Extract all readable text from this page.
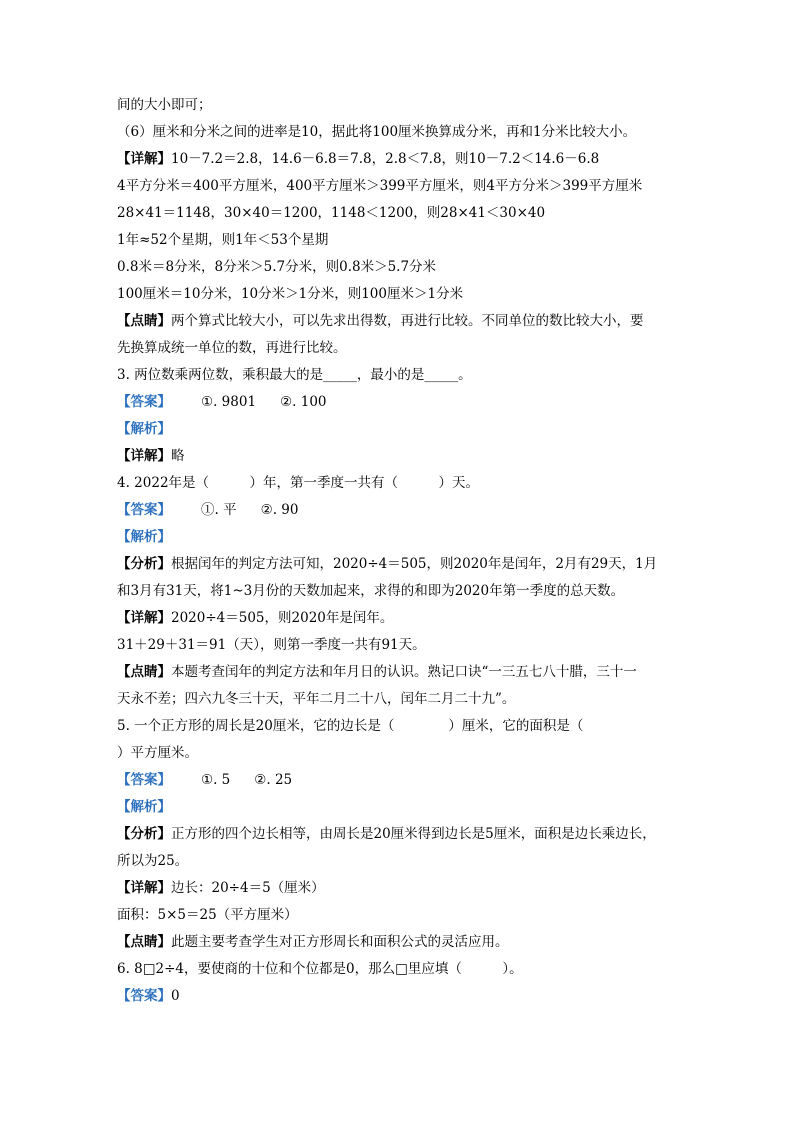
间的大小即可；
（6）厘米和分米之间的进率是10，据此将100厘米换算成分米，再和1分米比较大小。
【详解】10－7.2＝2.8，14.6－6.8＝7.8，2.8＜7.8，则10－7.2＜14.6－6.8
4平方分米＝400平方厘米，400平方厘米＞399平方厘米，则4平方分米＞399平方厘米
28×41＝1148，30×40＝1200，1148＜1200，则28×41＜30×40
1年≈52个星期，则1年＜53个星期
0.8米＝8分米，8分米＞5.7分米，则0.8米＞5.7分米
100厘米＝10分米，10分米＞1分米，则100厘米＞1分米
【点睛】两个算式比较大小，可以先求出得数，再进行比较。不同单位的数比较大小，要
先换算成统一单位的数，再进行比较。
3. 两位数乘两位数，乘积最大的是_____，最小的是_____。
【答案】 ①. 9801 ②. 100
【解析】
【详解】略
4. 2022年是（　　　）年，第一季度一共有（　　　）天。
【答案】 ①. 平 ②. 90
【解析】
【分析】根据闰年的判定方法可知，2020÷4＝505，则2020年是闰年，2月有29天，1月
和3月有31天，将1~3月份的天数加起来，求得的和即为2020年第一季度的总天数。
【详解】2020÷4＝505，则2020年是闰年。
31＋29＋31＝91（天），则第一季度一共有91天。
【点睛】本题考查闰年的判定方法和年月日的认识。熟记口诀“一三五七八十腊，三十一
天永不差；四六九冬三十天，平年二月二十八，闰年二月二十九”。
5. 一个正方形的周长是20厘米，它的边长是（　　　　）厘米，它的面积是（
）平方厘米。
【答案】 ①. 5 ②. 25
【解析】
【分析】正方形的四个边长相等，由周长是20厘米得到边长是5厘米，面积是边长乘边长，
所以为25。
【详解】边长：20÷4＝5（厘米）
面积：5×5＝25（平方厘米）
【点睛】此题主要考查学生对正方形周长和面积公式的灵活应用。
6. 8□2÷4，要使商的十位和个位都是0，那么□里应填（　　　）。
【答案】0
